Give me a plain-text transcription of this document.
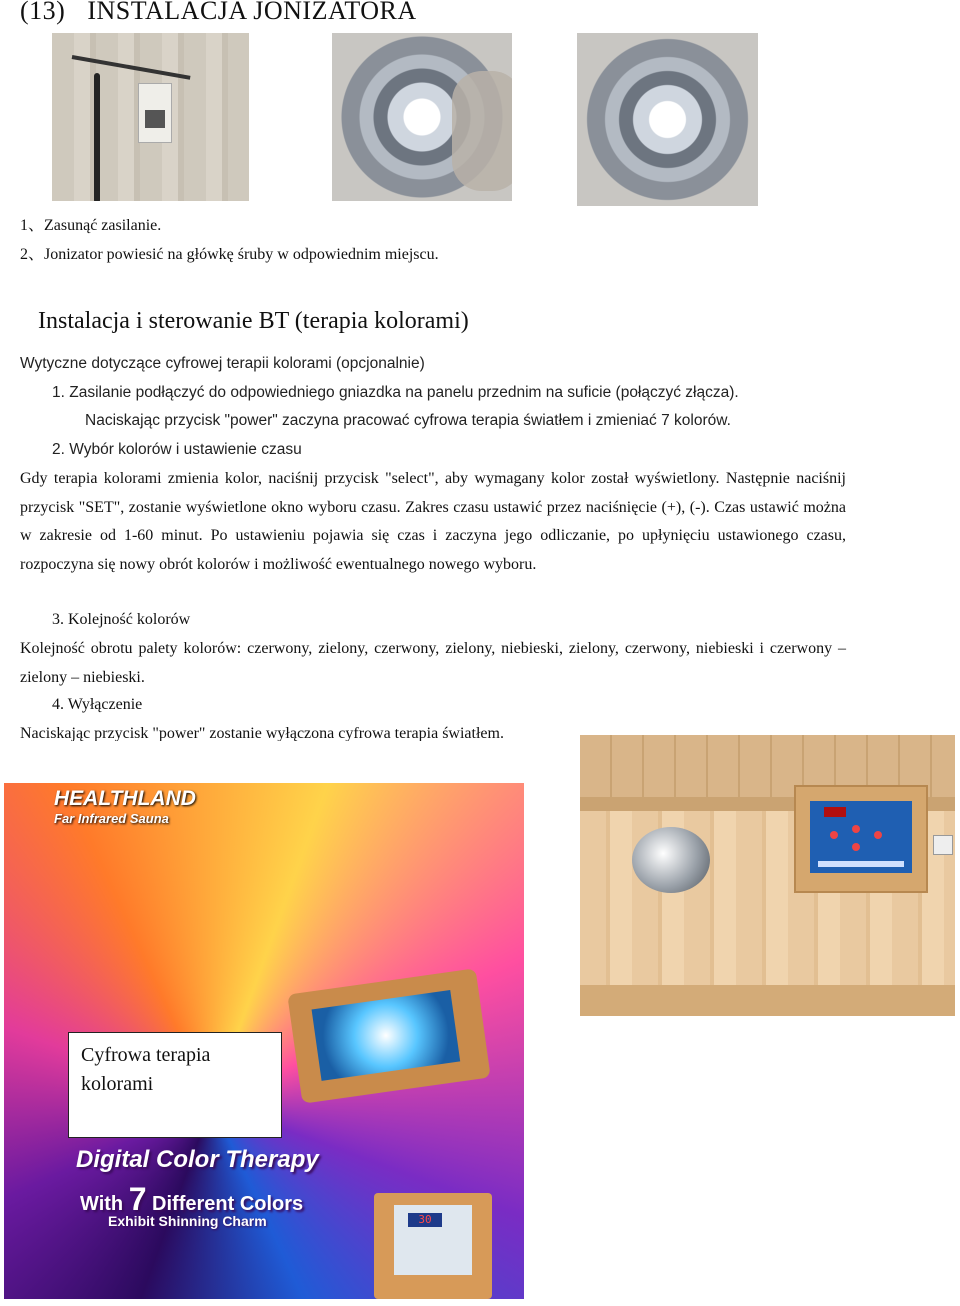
(13) INSTALACJA JONIZATORA
1、Zasunąć zasilanie.
2、Jonizator powiesić na główkę śruby w odpowiednim miejscu.
Instalacja i sterowanie BT (terapia kolorami)
Wytyczne dotyczące cyfrowej terapii kolorami (opcjonalnie)
1. Zasilanie podłączyć do odpowiedniego gniazdka na panelu przednim na suficie (połączyć złącza).
Naciskając przycisk "power" zaczyna pracować cyfrowa terapia światłem i zmieniać 7 kolorów.
2. Wybór kolorów i ustawienie czasu
Gdy terapia kolorami zmienia kolor, naciśnij przycisk "select", aby wymagany kolor został wyświetlony. Następnie naciśnij przycisk "SET", zostanie wyświetlone okno wyboru czasu. Zakres czasu ustawić przez naciśnięcie (+), (-). Czas ustawić można w zakresie od 1-60 minut. Po ustawieniu pojawia się czas i zaczyna jego odliczanie, po upłynięciu ustawionego czasu, rozpoczyna się nowy obrót kolorów i możliwość ewentualnego nowego wyboru.
3. Kolejność kolorów
Kolejność obrotu palety kolorów: czerwony, zielony, czerwony, zielony, niebieski, zielony, czerwony, niebieski i czerwony – zielony – niebieski.
4. Wyłączenie
Naciskając przycisk "power" zostanie wyłączona cyfrowa terapia światłem.
HEALTHLAND
Far Infrared Sauna
Digital Color Therapy
With 7 Different Colors
Exhibit Shinning Charm	30
Cyfrowa terapia kolorami
